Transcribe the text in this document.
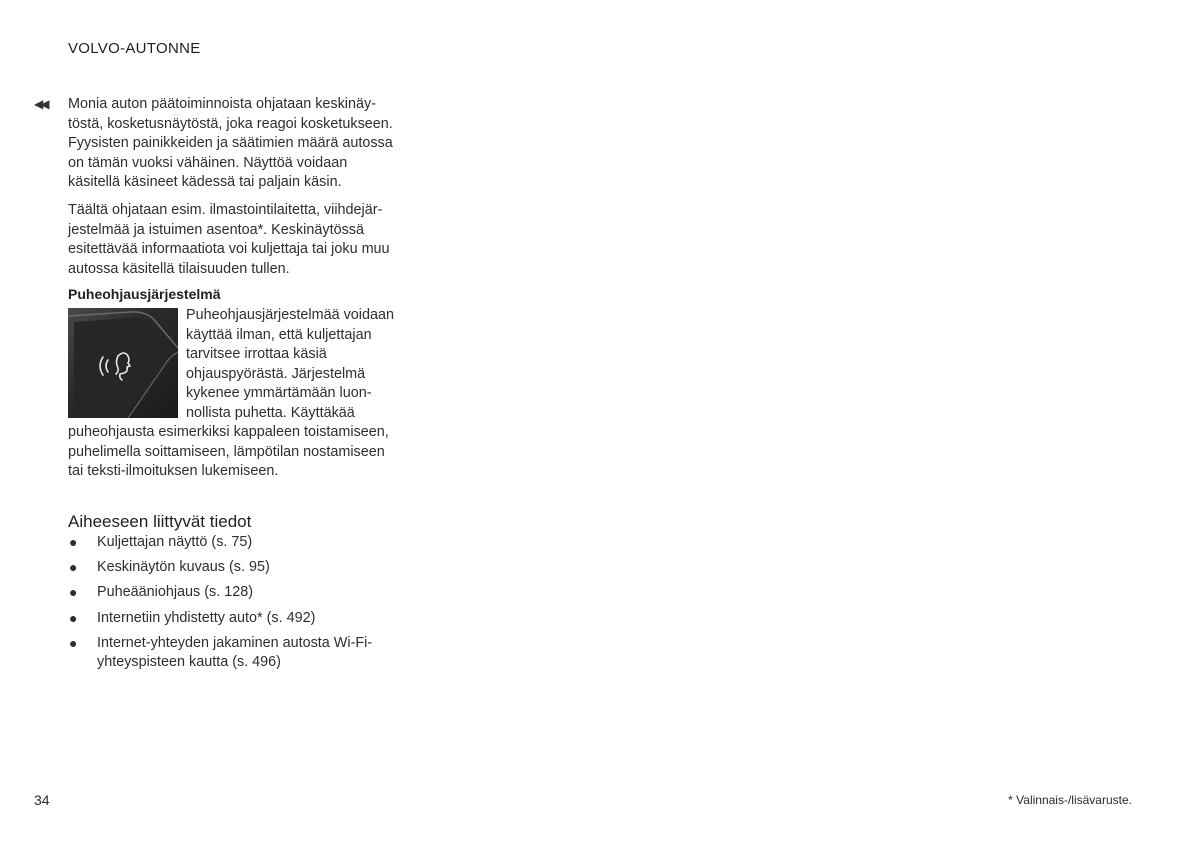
VOLVO-AUTONNE
◀◀ Monia auton päätoiminnoista ohjataan keskinäytöstä, kosketusnäytöstä, joka reagoi kosketukseen. Fyysisten painikkeiden ja säätimien määrä autossa on tämän vuoksi vähäinen. Näyttöä voidaan käsitellä käsineet kädessä tai paljain käsin.

Täältä ohjataan esim. ilmastointilaitetta, viihdejärjestelmää ja istuimen asentoa*. Keskinäytössä esitettävää informaatiota voi kuljettaja tai joku muu autossa käsitellä tilaisuuden tullen.

Puheohjausjärjestelmä
Puheohjausjärjestelmää voidaan käyttää ilman, että kuljettajan tarvitsee irrottaa käsiä ohjauspyörästä. Järjestelmä kykenee ymmärtämään luonnollista puhetta. Käyttäkää puheohjausta esimerkiksi kappaleen toistamiseen, puhelimella soittamiseen, lämpötilan nostamiseen tai teksti-ilmoituksen lukemiseen.
Aiheeseen liittyvät tiedot
● Kuljettajan näyttö (s. 75)
● Keskinäytön kuvaus (s. 95)
● Puheääniohjaus (s. 128)
● Internetiin yhdistetty auto* (s. 492)
● Internet-yhteyden jakaminen autosta Wi-Fi-yhteyspisteen kautta (s. 496)
34	* Valinnais-/lisävaruste.
